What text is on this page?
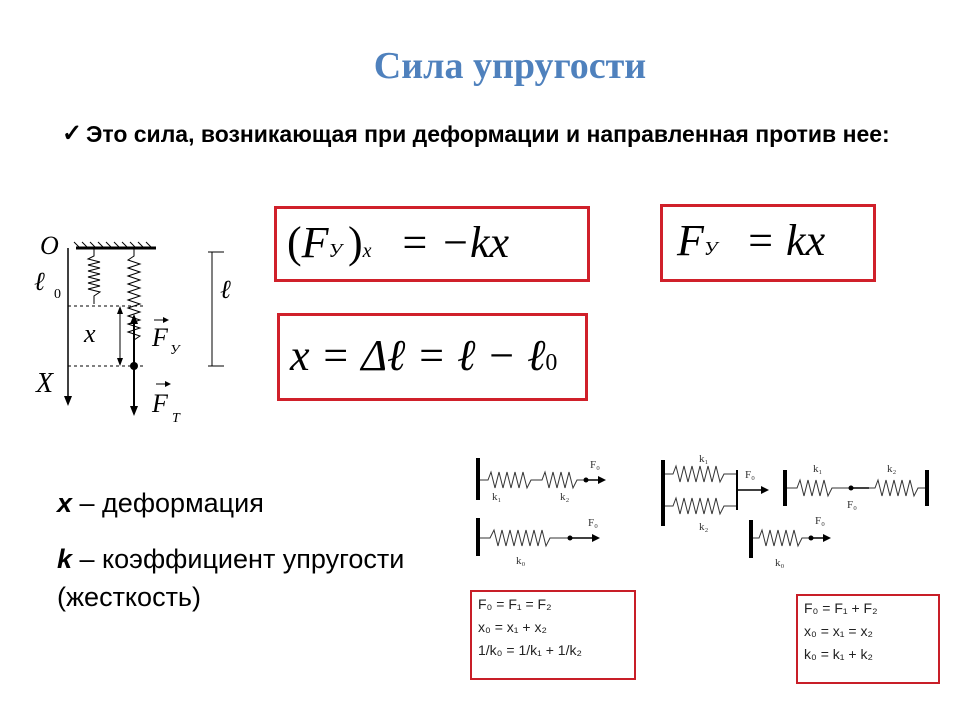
Сила упругости
✓ Это сила, возникающая при деформации и направленная против нее:
O
ℓ 0
x
X
ℓ
F У
F
Т
(FУ )x = −kx	FУ = kx
x = Δℓ = ℓ − ℓ0
x – деформация
k – коэффициент упругости (жесткость)
F₀
k₁	k₂
F₀
k₀
k₁
F₀
k₂
k₁	k₂
F₀
F₀
k₀
F₀ = F₁ = F₂
x₀ = x₁ + x₂
1/k₀ = 1/k₁ + 1/k₂
F₀ = F₁ + F₂
x₀ = x₁ = x₂
k₀ = k₁ + k₂
